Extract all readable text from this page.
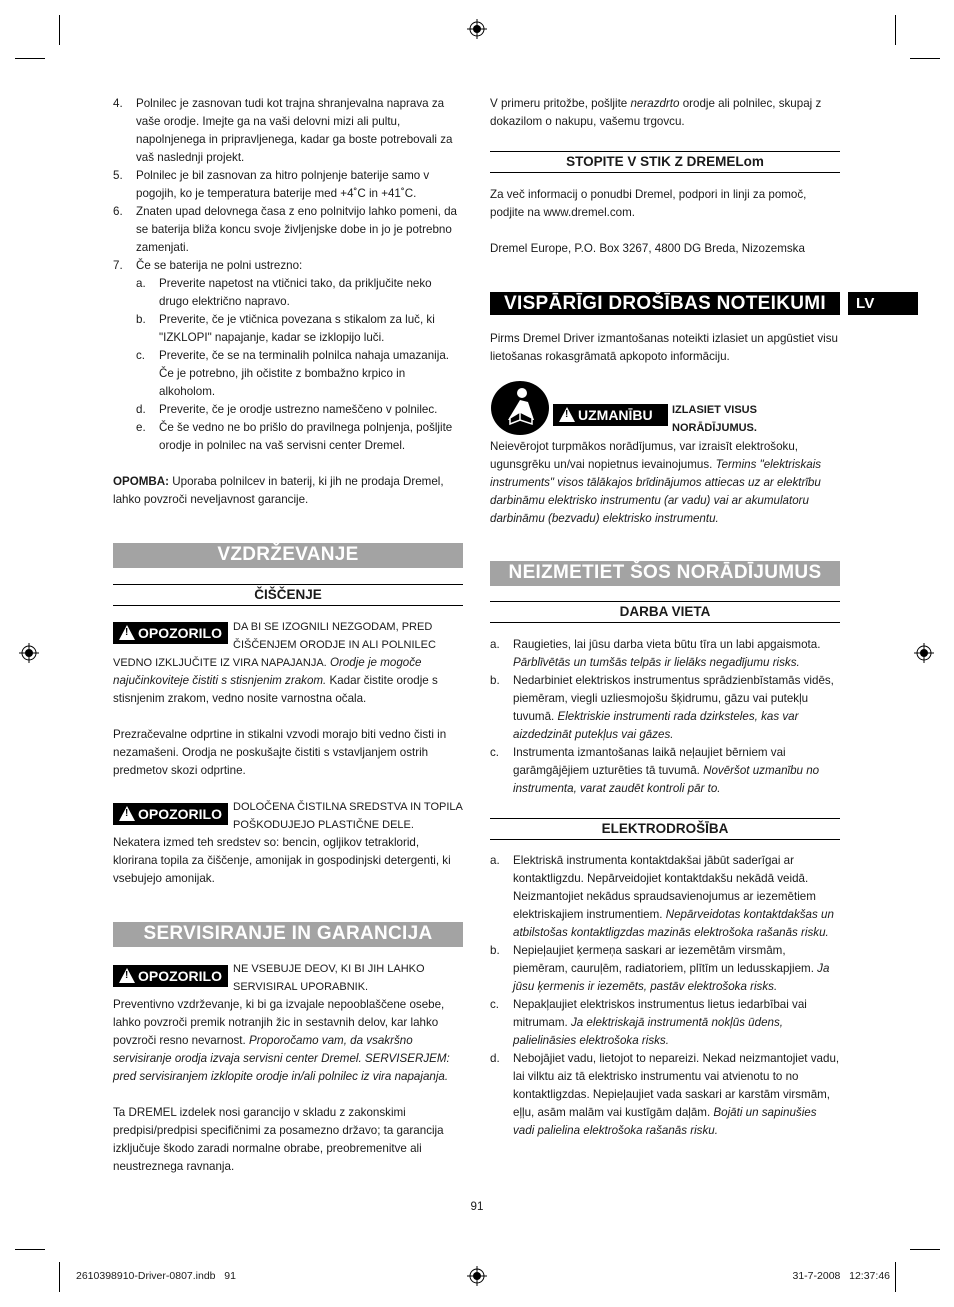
4. Polnilec je zasnovan tudi kot trajna shranjevalna naprava za vaše orodje. Imejte ga na vaši delovni mizi ali pultu, napolnjenega in pripravljenega, kadar ga boste potrebovali za vaš naslednji projekt.
5. Polnilec je bil zasnovan za hitro polnjenje baterije samo v pogojih, ko je temperatura baterije med +4˚C in +41˚C.
6. Znaten upad delovnega časa z eno polnitvijo lahko pomeni, da se baterija bliža koncu svoje življenjske dobe in jo je potrebno zamenjati.
7. Če se baterija ne polni ustrezno:
a. Preverite napetost na vtičnici tako, da priključite neko drugo električno napravo.
b. Preverite, če je vtičnica povezana s stikalom za luč, ki "IZKLOPI" napajanje, kadar se izklopijo luči.
c. Preverite, če se na terminalih polnilca nahaja umazanija. Če je potrebno, jih očistite z bombažno krpico in alkoholom.
d. Preverite, če je orodje ustrezno nameščeno v polnilec.
e. Če še vedno ne bo prišlo do pravilnega polnjenja, pošljite orodje in polnilec na vaš servisni center Dremel.

OPOMBA: Uporaba polnilcev in baterij, ki jih ne prodaja Dremel, lahko povzroči neveljavnost garancije.

VZDRŽEVANJE
ČIŠČENJE
!
OPOZORILO	DA BI SE IZOGNILI NEZGODAM, PRED

ČIŠČENJEM ORODJE IN ALI POLNILEC

VEDNO IZKLJUČITE IZ VIRA NAPAJANJA. Orodje je mogoče najučinkoviteje čistiti s stisnjenim zrakom. Kadar čistite orodje s stisnjenim zrakom, vedno nosite varnostna očala.

Prezračevalne odprtine in stikalni vzvodi morajo biti vedno čisti in nezamašeni. Orodja ne poskušajte čistiti s vstavljanjem ostrih predmetov skozi odprtine.

!
OPOZORILO	DOLOČENA ČISTILNA SREDSTVA IN TOPILA

POŠKODUJEJO PLASTIČNE DELE.

Nekatera izmed teh sredstev so: bencin, ogljikov tetraklorid, klorirana topila za čiščenje, amonijak in gospodinjski detergenti, ki vsebujejo amonijak.

SERVISIRANJE IN GARANCIJA
!
OPOZORILO	NE VSEBUJE DEOV, KI BI JIH LAHKO

SERVISIRAL UPORABNIK.

Preventivno vzdrževanje, ki bi ga izvajale nepooblaščene osebe, lahko povzroči premik notranjih žic in sestavnih delov, kar lahko povzroči resno nevarnost. Proporočamo vam, da vsakršno servisiranje orodja izvaja servisni center Dremel. SERVISERJEM: pred servisiranjem izklopite orodje in/ali polnilec iz vira napajanja.

Ta DREMEL izdelek nosi garancijo v skladu z zakonskimi predpisi/predpisi specifičnimi za posamezno državo; ta garancija izključuje škodo zaradi normalne obrabe, preobremenitve ali neustreznega ravnanja.

V primeru pritožbe, pošljite nerazdrto orodje ali polnilec, skupaj z dokazilom o nakupu, vašemu trgovcu.

STOPITE V STIK Z DREMELom

Za več informacij o ponudbi Dremel, podpori in linji za pomoč, podjite na www.dremel.com.

Dremel Europe, P.O. Box 3267, 4800 DG Breda, Nizozemska

VISPĀRĪGI DROŠĪBAS NOTEIKUMI	LV

Pirms Dremel Driver izmantošanas noteikti izlasiet un apgūstiet visu lietošanas rokasgrāmatā apkopoto informāciju.

!
UZMANĪBU	IZLASIET VISUS

NORĀDĪJUMUS.

Neievērojot turpmākos norādījumus, var izraisīt elektrošoku, ugunsgrēku un/vai nopietnus ievainojumus. Termins "elektriskais instruments" visos tālākajos brīdinājumos attiecas uz ar elektrību darbināmu elektrisko instrumentu (ar vadu) vai ar akumulatoru darbināmu (bezvadu) elektrisko instrumentu.

NEIZMETIET ŠOS NORĀDĪJUMUS
DARBA VIETA
a. Raugieties, lai jūsu darba vieta būtu tīra un labi apgaismota. Pārblīvētās un tumšās telpās ir lielāks negadījumu risks.
b. Nedarbiniet elektriskos instrumentus sprādzienbīstamās vidēs, piemēram, viegli uzliesmojošu šķidrumu, gāzu vai putekļu tuvumā. Elektriskie instrumenti rada dzirksteles, kas var aizdedzināt putekļus vai gāzes.
c. Instrumenta izmantošanas laikā neļaujiet bērniem vai garāmgājējiem uzturēties tā tuvumā. Novēršot uzmanību no instrumenta, varat zaudēt kontroli pār to.
ELEKTRODROŠĪBA
a. Elektriskā instrumenta kontaktdakšai jābūt saderīgai ar kontaktligzdu. Nepārveidojiet kontaktdakšu nekādā veidā. Neizmantojiet nekādus spraudsavienojumus ar iezemētiem elektriskajiem instrumentiem. Nepārveidotas kontaktdakšas un atbilstošas kontaktligzdas mazinās elektrošoka rašanās risku.
b. Nepieļaujiet ķermeņa saskari ar iezemētām virsmām, piemēram, cauruļēm, radiatoriem, plītīm un ledusskapjiem. Ja jūsu ķermenis ir iezemēts, pastāv elektrošoka risks.
c. Nepakļaujiet elektriskos instrumentus lietus iedarbībai vai mitrumam. Ja elektriskajā instrumentā nokļūs ūdens, palielināsies elektrošoka risks.
d. Nebojājiet vadu, lietojot to nepareizi. Nekad neizmantojiet vadu, lai vilktu aiz tā elektrisko instrumentu vai atvienotu to no kontaktligzdas. Nepieļaujiet vada saskari ar karstām virsmām, eļļu, asām malām vai kustīgām daļām. Bojāti un sapinušies vadi palielina elektrošoka rašanās risku.
91
2610398910-Driver-0807.indb   91	31-7-2008   12:37:46
